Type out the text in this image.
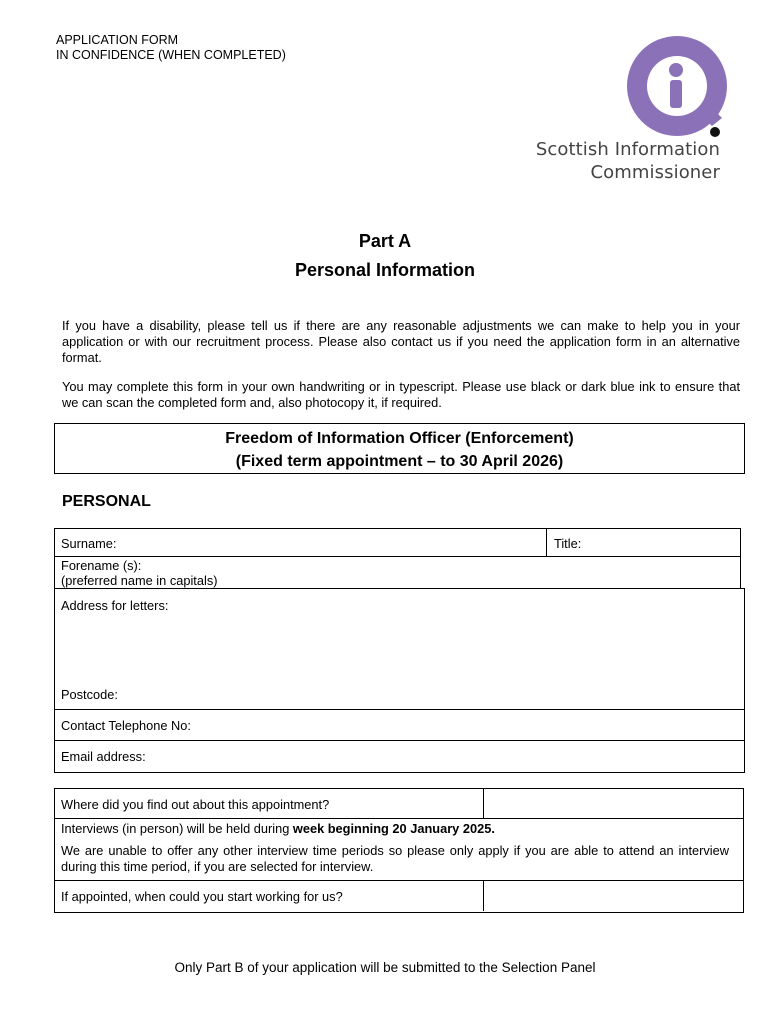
APPLICATION FORM
IN CONFIDENCE (WHEN COMPLETED)
Scottish Information
Commissioner
Part A
Personal Information
If you have a disability, please tell us if there are any reasonable adjustments we can make to help you in your application or with our recruitment process. Please also contact us if you need the application form in an alternative format.
You may complete this form in your own handwriting or in typescript. Please use black or dark blue ink to ensure that we can scan the completed form and, also photocopy it, if required.
Freedom of Information Officer (Enforcement)
(Fixed term appointment – to 30 April 2026)
PERSONAL
Surname:	Title:
Forename (s):
(preferred name in capitals)
Address for letters:
Postcode:
Contact Telephone No:
Email address:
Where did you find out about this appointment?
Interviews (in person) will be held during week beginning 20 January 2025.
We are unable to offer any other interview time periods so please only apply if you are able to attend an interview during this time period, if you are selected for interview.
If appointed, when could you start working for us?
Only Part B of your application will be submitted to the Selection Panel
